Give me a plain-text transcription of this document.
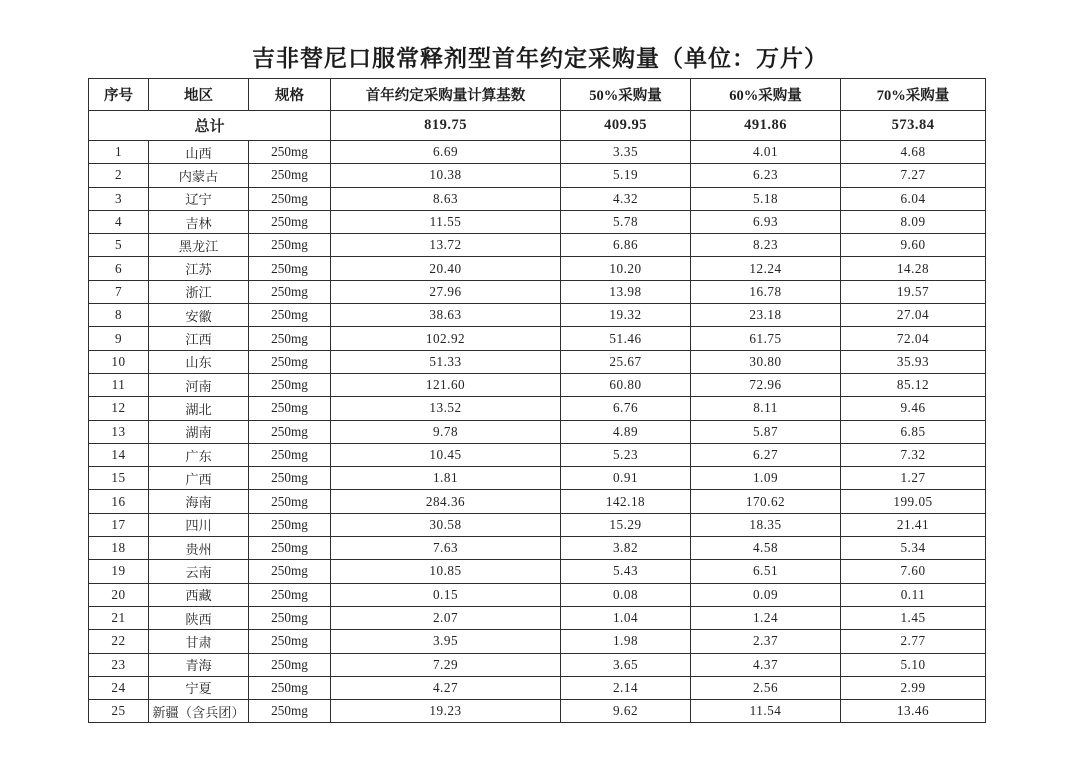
吉非替尼口服常释剂型首年约定采购量（单位：万片）
序号	地区	规格	首年约定采购量计算基数	50%采购量	60%采购量	70%采购量
总计			819.75	409.95	491.86	573.84
1	山西	250mg	6.69	3.35	4.01	4.68
2	内蒙古	250mg	10.38	5.19	6.23	7.27
3	辽宁	250mg	8.63	4.32	5.18	6.04
4	吉林	250mg	11.55	5.78	6.93	8.09
5	黑龙江	250mg	13.72	6.86	8.23	9.60
6	江苏	250mg	20.40	10.20	12.24	14.28
7	浙江	250mg	27.96	13.98	16.78	19.57
8	安徽	250mg	38.63	19.32	23.18	27.04
9	江西	250mg	102.92	51.46	61.75	72.04
10	山东	250mg	51.33	25.67	30.80	35.93
11	河南	250mg	121.60	60.80	72.96	85.12
12	湖北	250mg	13.52	6.76	8.11	9.46
13	湖南	250mg	9.78	4.89	5.87	6.85
14	广东	250mg	10.45	5.23	6.27	7.32
15	广西	250mg	1.81	0.91	1.09	1.27
16	海南	250mg	284.36	142.18	170.62	199.05
17	四川	250mg	30.58	15.29	18.35	21.41
18	贵州	250mg	7.63	3.82	4.58	5.34
19	云南	250mg	10.85	5.43	6.51	7.60
20	西藏	250mg	0.15	0.08	0.09	0.11
21	陕西	250mg	2.07	1.04	1.24	1.45
22	甘肃	250mg	3.95	1.98	2.37	2.77
23	青海	250mg	7.29	3.65	4.37	5.10
24	宁夏	250mg	4.27	2.14	2.56	2.99
25	新疆（含兵团）	250mg	19.23	9.62	11.54	13.46
